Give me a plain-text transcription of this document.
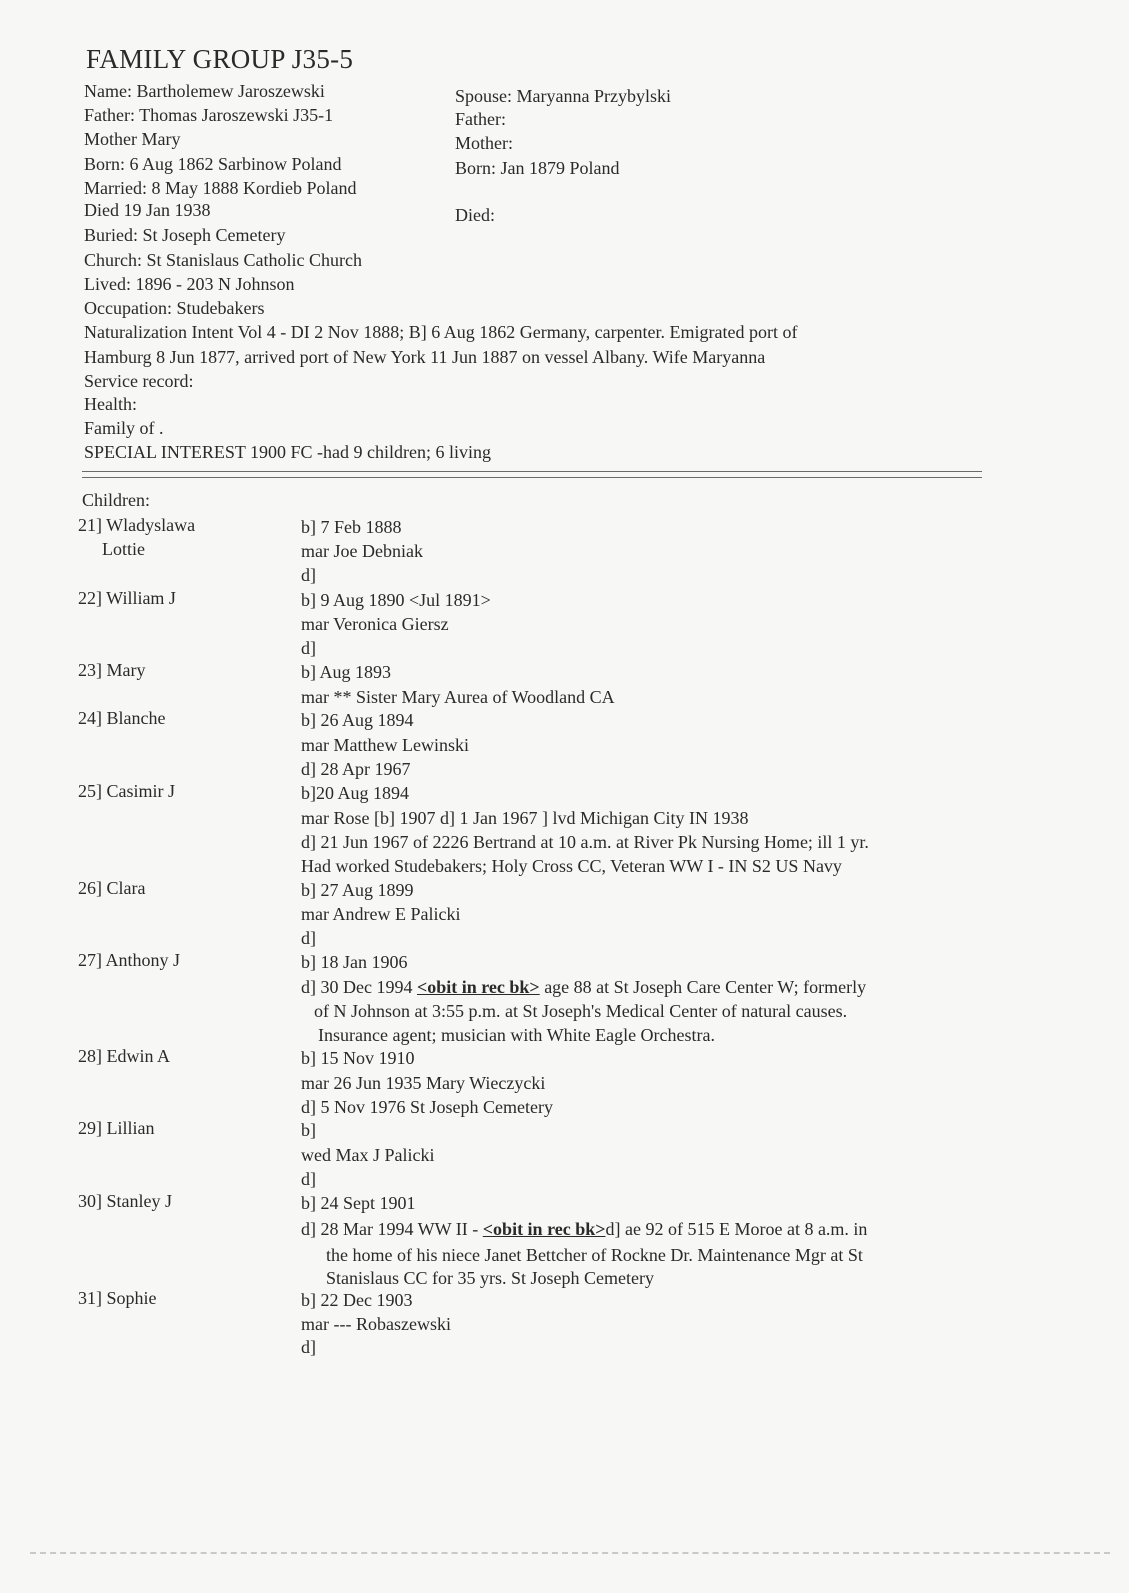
FAMILY GROUP J35-5
Name: Bartholemew Jaroszewski
Father: Thomas Jaroszewski J35-1
Mother Mary
Born: 6 Aug 1862 Sarbinow Poland
Married: 8 May 1888 Kordieb Poland
Died 19 Jan 1938
Buried: St Joseph Cemetery
Church: St Stanislaus Catholic Church
Lived: 1896 - 203 N Johnson
Occupation: Studebakers
Spouse: Maryanna Przybylski
Father:
Mother:
Born: Jan 1879 Poland
Died:
Naturalization Intent Vol 4 - DI 2 Nov 1888; B] 6 Aug 1862 Germany, carpenter. Emigrated port of
Hamburg 8 Jun 1877, arrived port of New York 11 Jun 1887 on vessel Albany. Wife Maryanna
Service record:
Health:
Family of .
SPECIAL INTEREST 1900 FC -had 9 children; 6 living
Children:
21] Wladyslawa
Lottie
b] 7 Feb 1888
mar Joe Debniak
d]
22] William J	b] 9 Aug 1890 <Jul 1891>
mar Veronica Giersz
d]
23] Mary	b] Aug 1893
mar ** Sister Mary Aurea of Woodland CA
24] Blanche	b] 26 Aug 1894
mar Matthew Lewinski
d] 28 Apr 1967
25] Casimir J	b]20 Aug 1894
mar Rose [b] 1907 d] 1 Jan 1967 ] lvd Michigan City IN 1938
d] 21 Jun 1967 of 2226 Bertrand at 10 a.m. at River Pk Nursing Home; ill 1 yr.
Had worked Studebakers; Holy Cross CC, Veteran WW I - IN S2 US Navy
26] Clara	b] 27 Aug 1899
mar Andrew E Palicki
d]
27] Anthony J	b] 18 Jan 1906
d] 30 Dec 1994 <obit in rec bk> age 88 at St Joseph Care Center W; formerly
of N Johnson at 3:55 p.m. at St Joseph's Medical Center of natural causes.
Insurance agent; musician with White Eagle Orchestra.
28] Edwin A	b] 15 Nov 1910
mar 26 Jun 1935 Mary Wieczycki
d] 5 Nov 1976 St Joseph Cemetery
29] Lillian	b]
wed Max J Palicki
d]
30] Stanley J	b] 24 Sept 1901
d] 28 Mar 1994 WW II - <obit in rec bk>d] ae 92 of 515 E Moroe at 8 a.m. in
the home of his niece Janet Bettcher of Rockne Dr. Maintenance Mgr at St
Stanislaus CC for 35 yrs. St Joseph Cemetery
31] Sophie	b] 22 Dec 1903
mar --- Robaszewski
d]
